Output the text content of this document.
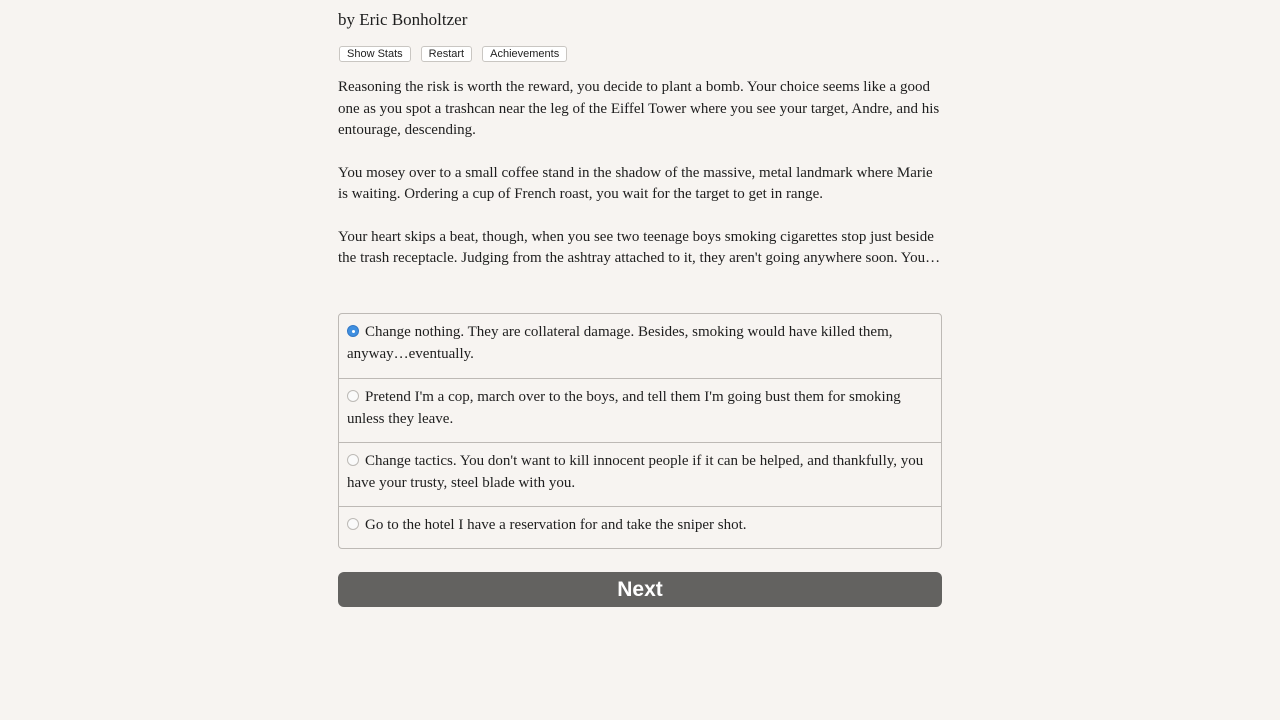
by Eric Bonholtzer
Show Stats	Restart	Achievements

Reasoning the risk is worth the reward, you decide to plant a bomb. Your choice seems like a good one as you spot a trashcan near the leg of the Eiffel Tower where you see your target, Andre, and his entourage, descending.

You mosey over to a small coffee stand in the shadow of the massive, metal landmark where Marie is waiting. Ordering a cup of French roast, you wait for the target to get in range.

Your heart skips a beat, though, when you see two teenage boys smoking cigarettes stop just beside the trash receptacle. Judging from the ashtray attached to it, they aren't going anywhere soon. You…

Change nothing. They are collateral damage. Besides, smoking would have killed them, anyway…eventually.
Pretend I'm a cop, march over to the boys, and tell them I'm going bust them for smoking unless they leave.
Change tactics. You don't want to kill innocent people if it can be helped, and thankfully, you have your trusty, steel blade with you.
Go to the hotel I have a reservation for and take the sniper shot.
Next
